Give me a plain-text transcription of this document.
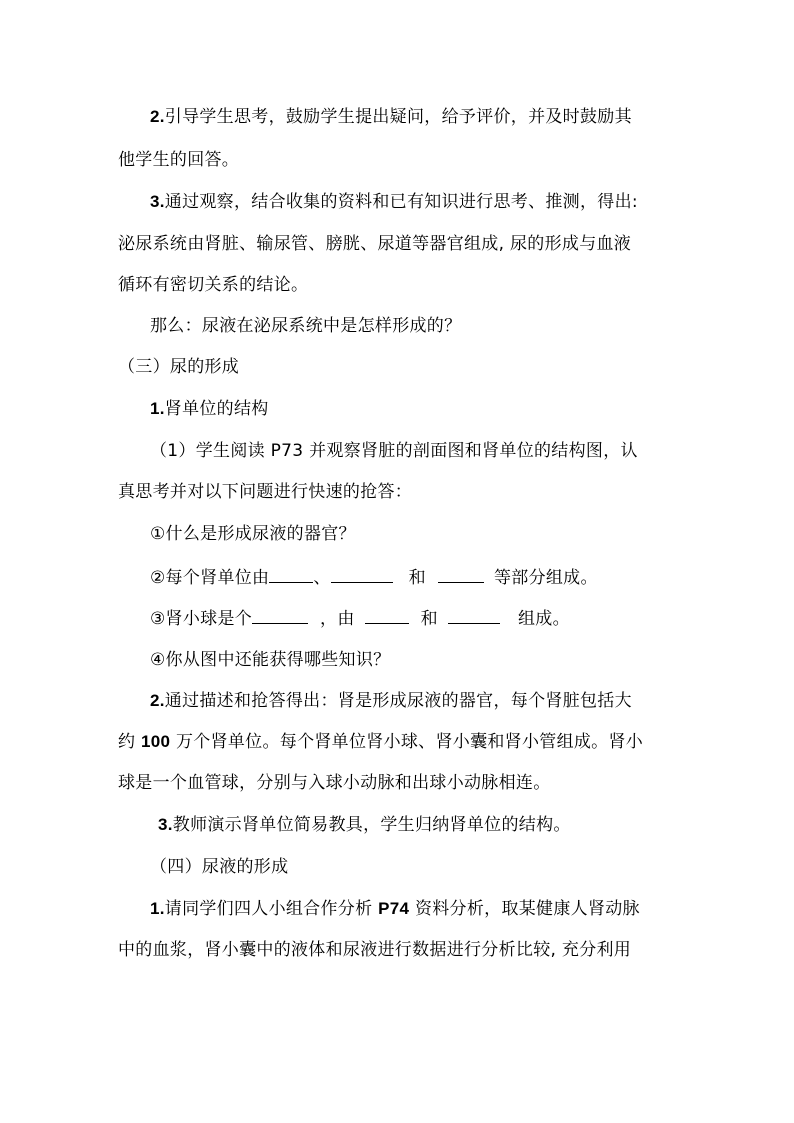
2.引导学生思考，鼓励学生提出疑问，给予评价，并及时鼓励其
他学生的回答。
3.通过观察，结合收集的资料和已有知识进行思考、推测，得出:
泌尿系统由肾脏、输尿管、膀胱、尿道等器官组成, 尿的形成与血液
循环有密切关系的结论。
那么：尿液在泌尿系统中是怎样形成的？
（三）尿的形成
1.肾单位的结构
（1）学生阅读 P73 并观察肾脏的剖面图和肾单位的结构图，认
真思考并对以下问题进行快速的抢答：
①什么是形成尿液的器官？
②每个肾单位由	、	和	等部分组成。
③肾小球是个	，由	和	组成。
④你从图中还能获得哪些知识？
2.通过描述和抢答得出：肾是形成尿液的器官，每个肾脏包括大
约 100 万个肾单位。每个肾单位肾小球、肾小囊和肾小管组成。肾小
球是一个血管球，分别与入球小动脉和出球小动脉相连。
3.教师演示肾单位简易教具，学生归纳肾单位的结构。
（四）尿液的形成
1.请同学们四人小组合作分析 P74 资料分析，取某健康人肾动脉
中的血浆，肾小囊中的液体和尿液进行数据进行分析比较, 充分利用
